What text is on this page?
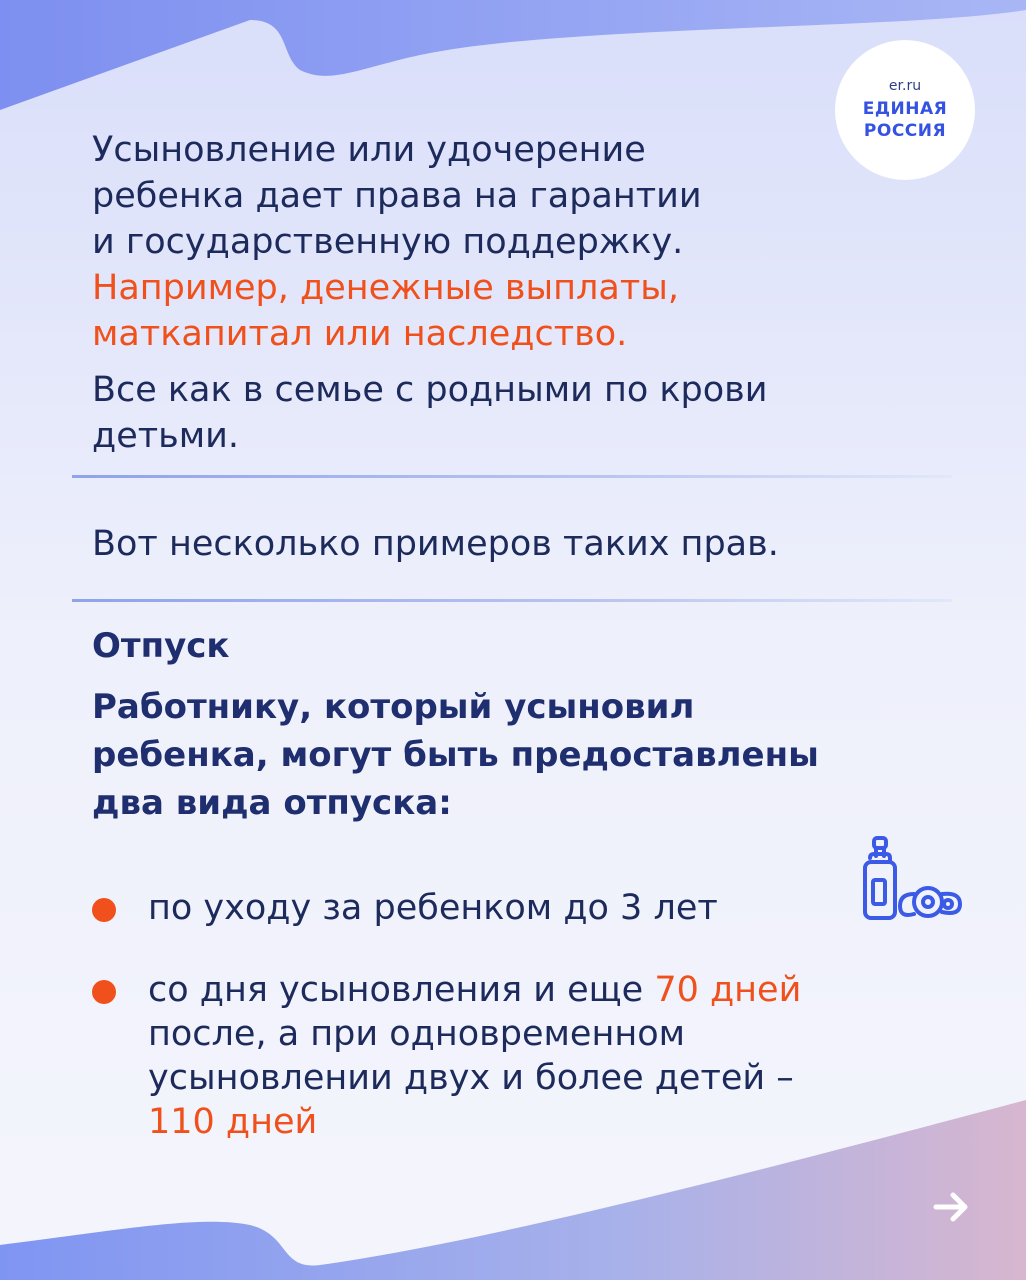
er.ru
ЕДИНАЯ
РОССИЯ
Усыновление или удочерение
ребенка дает права на гарантии
и государственную поддержку.
Например, денежные выплаты,
маткапитал или наследство.
Все как в семье с родными по крови
детьми.
Вот несколько примеров таких прав.
Отпуск
Работнику, который усыновил
ребенка, могут быть предоставлены
два вида отпуска:
по уходу за ребенком до 3 лет
со дня усыновления и еще 70 дней
после, а при одновременном
усыновлении двух и более детей –
110 дней
